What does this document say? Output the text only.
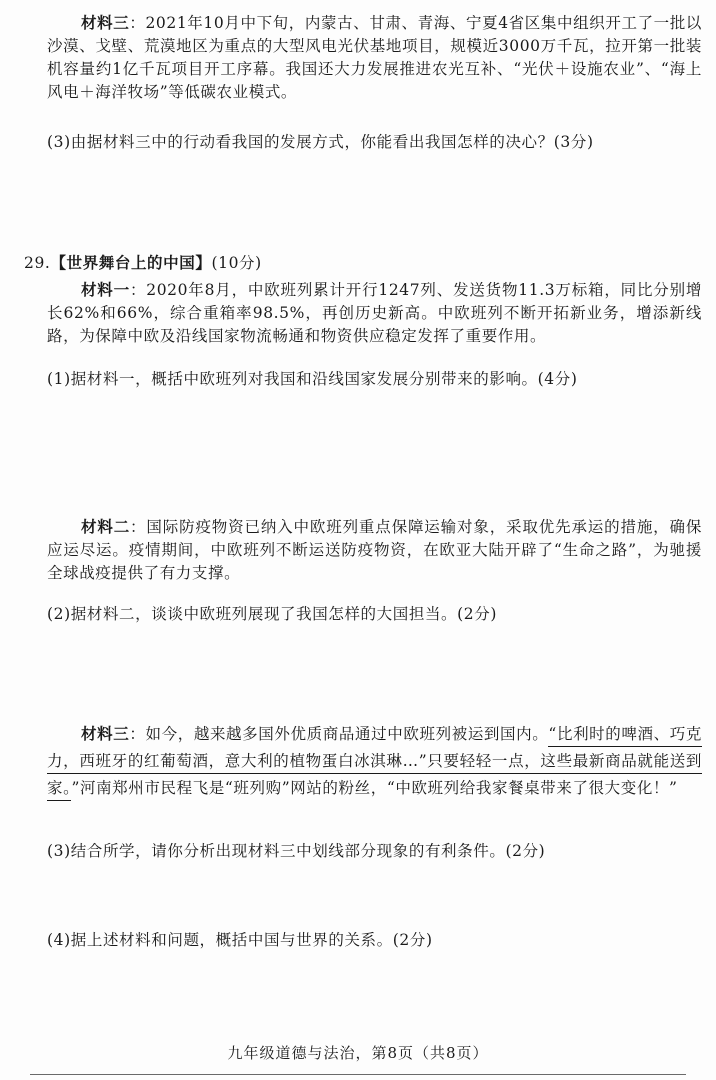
材料三：2021年10月中下旬，内蒙古、甘肃、青海、宁夏4省区集中组织开工了一批以沙漠、戈壁、荒漠地区为重点的大型风电光伏基地项目，规模近3000万千瓦，拉开第一批装机容量约1亿千瓦项目开工序幕。我国还大力发展推进农光互补、“光伏＋设施农业”、“海上风电＋海洋牧场”等低碳农业模式。
(3)由据材料三中的行动看我国的发展方式，你能看出我国怎样的决心？(3分)
29.【世界舞台上的中国】(10分)
材料一：2020年8月，中欧班列累计开行1247列、发送货物11.3万标箱，同比分别增长62%和66%，综合重箱率98.5%，再创历史新高。中欧班列不断开拓新业务，增添新线路，为保障中欧及沿线国家物流畅通和物资供应稳定发挥了重要作用。
(1)据材料一，概括中欧班列对我国和沿线国家发展分别带来的影响。(4分)
材料二：国际防疫物资已纳入中欧班列重点保障运输对象，采取优先承运的措施，确保应运尽运。疫情期间，中欧班列不断运送防疫物资，在欧亚大陆开辟了“生命之路”，为驰援全球战疫提供了有力支撑。
(2)据材料二，谈谈中欧班列展现了我国怎样的大国担当。(2分)
材料三：如今，越来越多国外优质商品通过中欧班列被运到国内。“比利时的啤酒、巧克力，西班牙的红葡萄酒，意大利的植物蛋白冰淇琳…”只要轻轻一点，这些最新商品就能送到家。”河南郑州市民程飞是“班列购”网站的粉丝，“中欧班列给我家餐桌带来了很大变化！”
(3)结合所学，请你分析出现材料三中划线部分现象的有利条件。(2分)
(4)据上述材料和问题，概括中国与世界的关系。(2分)
九年级道德与法治，第8页（共8页）
